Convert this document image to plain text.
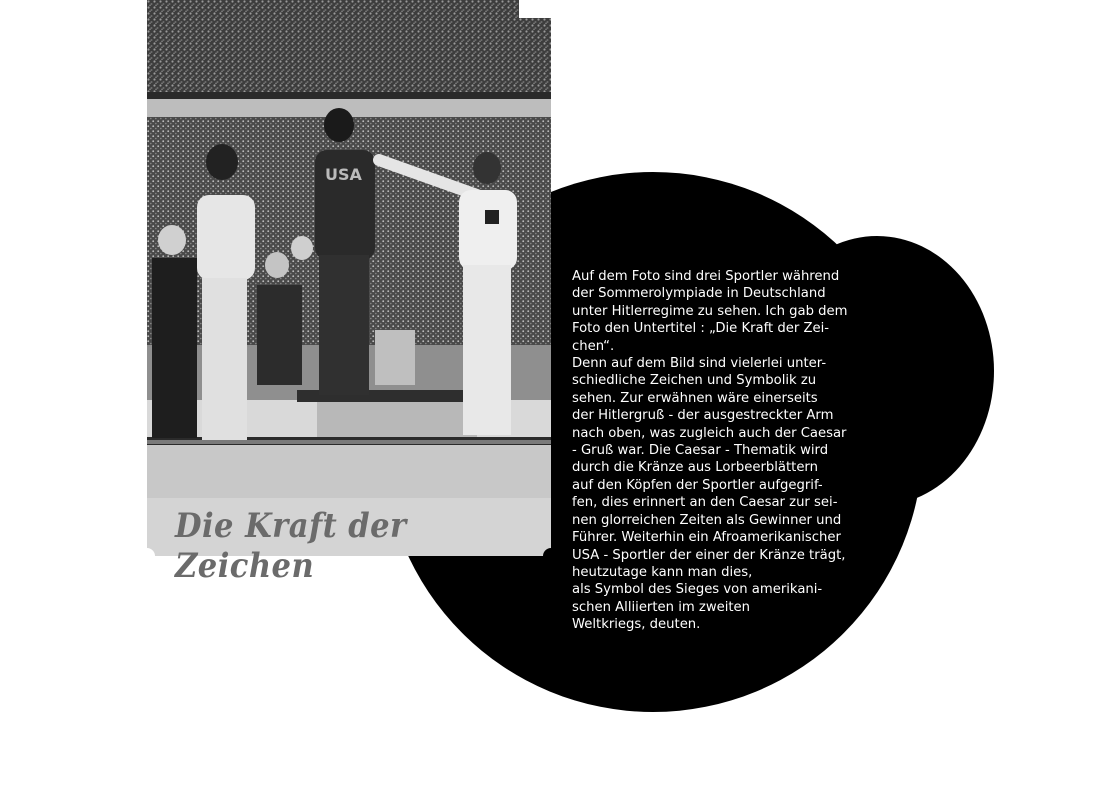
USA
Die Kraft der Zeichen

Auf dem Foto sind drei Sportler während
der Sommerolympiade in Deutschland
unter Hitlerregime zu sehen. Ich gab dem
Foto den Untertitel : „Die Kraft der Zei-
chen“.
Denn auf dem Bild sind vielerlei unter-
schiedliche Zeichen und Symbolik zu
sehen. Zur erwähnen wäre einerseits
der Hitlergruß - der ausgestreckter Arm
nach oben, was zugleich auch der Caesar
- Gruß war. Die Caesar - Thematik wird
durch die Kränze aus Lorbeerblättern
auf den Köpfen der Sportler aufgegrif-
fen, dies erinnert an den Caesar zur sei-
nen glorreichen Zeiten als Gewinner und
Führer. Weiterhin ein Afroamerikanischer
USA - Sportler der einer der Kränze trägt,
heutzutage kann man dies,
als Symbol des Sieges von amerikani-
schen Alliierten im zweiten
Weltkriegs, deuten.
